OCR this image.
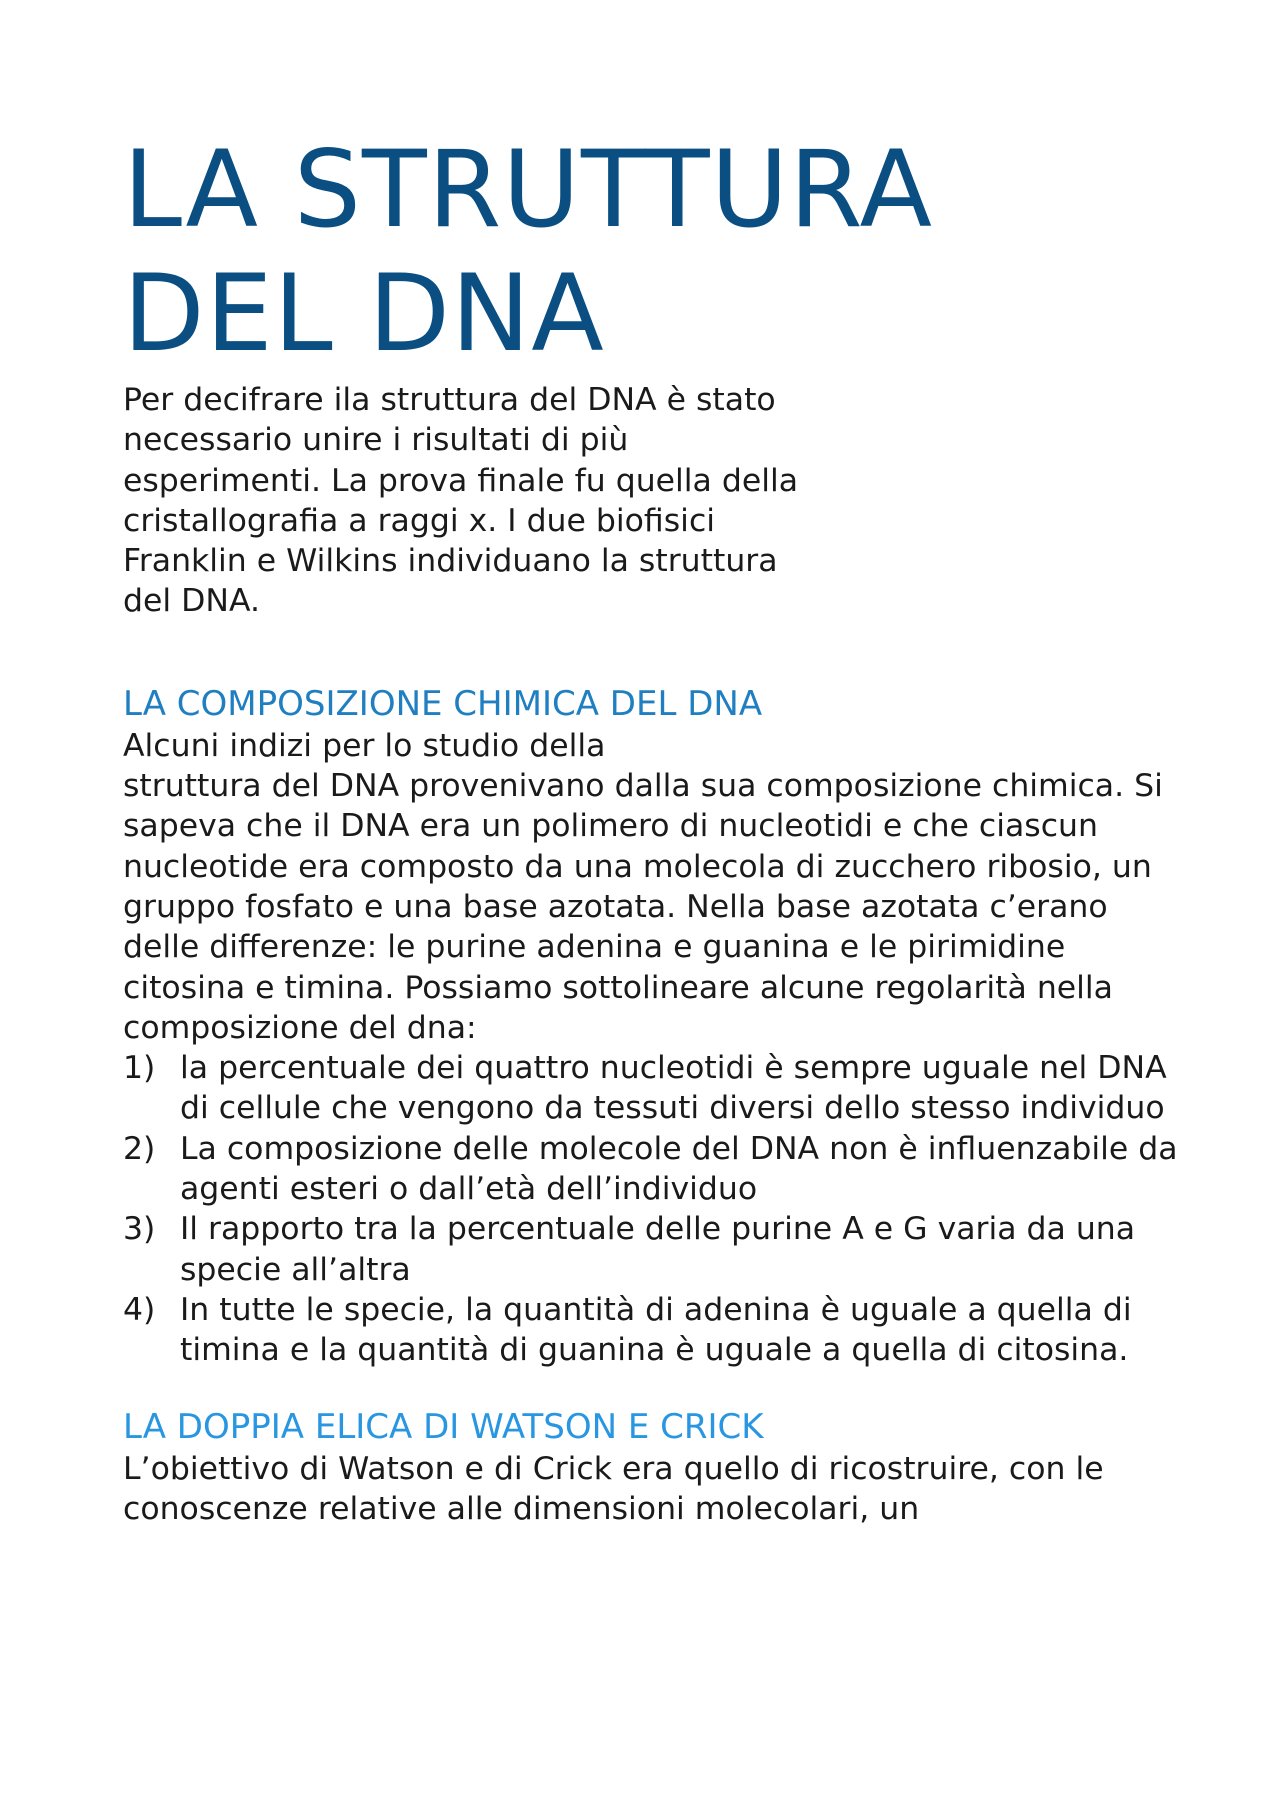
LA STRUTTURA
DEL DNA

Per decifrare ila struttura del DNA è stato necessario unire i risultati di più esperimenti. La prova finale fu quella della cristallografia a raggi x. I due biofisici Franklin e Wilkins individuano la struttura del DNA.

LA COMPOSIZIONE CHIMICA DEL DNA

Alcuni indizi per lo studio della
struttura del DNA provenivano dalla sua composizione chimica. Si sapeva che il DNA era un polimero di nucleotidi e che ciascun nucleotide era composto da una molecola di zucchero ribosio, un gruppo fosfato e una base azotata. Nella base azotata c’erano delle differenze: le purine adenina e guanina e le pirimidine citosina e timina. Possiamo sottolineare alcune regolarità nella composizione del dna:

1) la percentuale dei quattro nucleotidi è sempre uguale nel DNA di cellule che vengono da tessuti diversi dello stesso individuo
2) La composizione delle molecole del DNA non è influenzabile da agenti esteri o dall’età dell’individuo
3) Il rapporto tra la percentuale delle purine A e G varia da una specie all’altra
4) In tutte le specie, la quantità di adenina è uguale a quella di timina e la quantità di guanina è uguale a quella di citosina.
LA DOPPIA ELICA DI WATSON E CRICK

L’obiettivo di Watson e di Crick era quello di ricostruire, con le conoscenze relative alle dimensioni molecolari, un
